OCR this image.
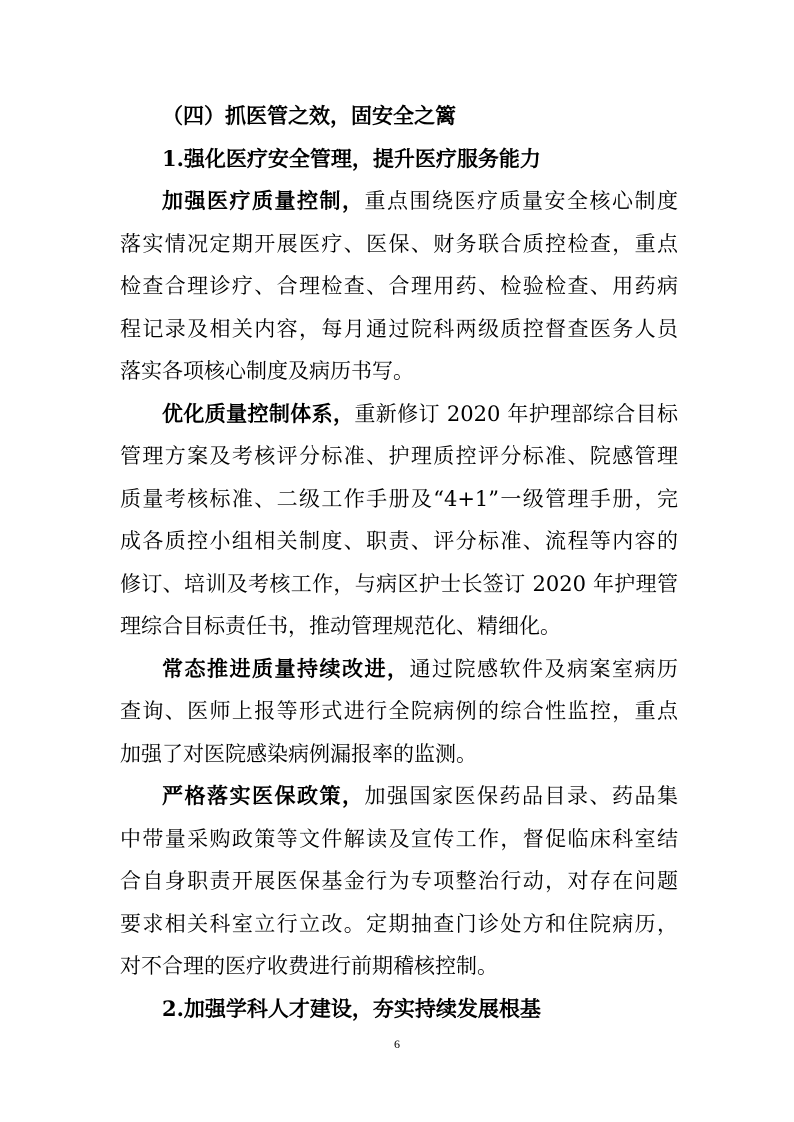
（四）抓医管之效，固安全之篱
1.强化医疗安全管理，提升医疗服务能力
加强医疗质量控制，重点围绕医疗质量安全核心制度
落实情况定期开展医疗、医保、财务联合质控检查，重点
检查合理诊疗、合理检查、合理用药、检验检查、用药病
程记录及相关内容，每月通过院科两级质控督查医务人员
落实各项核心制度及病历书写。
优化质量控制体系，重新修订 2020 年护理部综合目标
管理方案及考核评分标准、护理质控评分标准、院感管理
质量考核标准、二级工作手册及“4+1”一级管理手册，完
成各质控小组相关制度、职责、评分标准、流程等内容的
修订、培训及考核工作，与病区护士长签订 2020 年护理管
理综合目标责任书，推动管理规范化、精细化。
常态推进质量持续改进，通过院感软件及病案室病历
查询、医师上报等形式进行全院病例的综合性监控，重点
加强了对医院感染病例漏报率的监测。
严格落实医保政策，加强国家医保药品目录、药品集
中带量采购政策等文件解读及宣传工作，督促临床科室结
合自身职责开展医保基金行为专项整治行动，对存在问题
要求相关科室立行立改。定期抽查门诊处方和住院病历，
对不合理的医疗收费进行前期稽核控制。
2.加强学科人才建设，夯实持续发展根基
6
